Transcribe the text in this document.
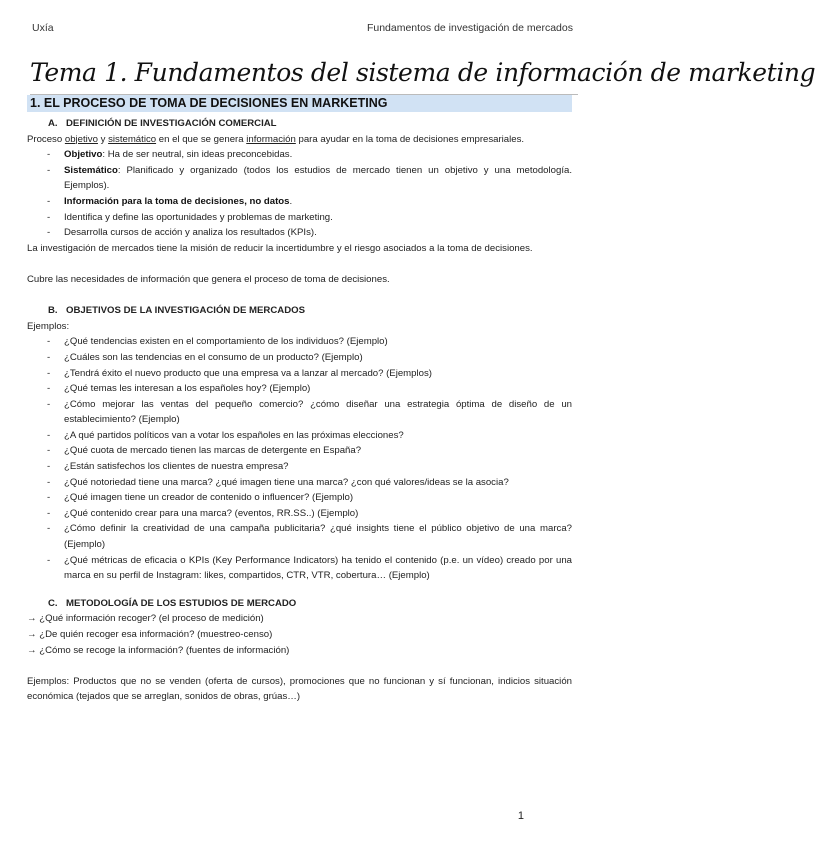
Uxía	Fundamentos de investigación de mercados
Tema 1. Fundamentos del sistema de información de marketing
1. EL PROCESO DE TOMA DE DECISIONES EN MARKETING
A. DEFINICIÓN DE INVESTIGACIÓN COMERCIAL

Proceso objetivo y sistemático en el que se genera información para ayudar en la toma de decisiones empresariales.

- Objetivo: Ha de ser neutral, sin ideas preconcebidas.
- Sistemático: Planificado y organizado (todos los estudios de mercado tienen un objetivo y una metodología. Ejemplos).
- Información para la toma de decisiones, no datos.
- Identifica y define las oportunidades y problemas de marketing.
- Desarrolla cursos de acción y analiza los resultados (KPIs).

La investigación de mercados tiene la misión de reducir la incertidumbre y el riesgo asociados a la toma de decisiones.

Cubre las necesidades de información que genera el proceso de toma de decisiones.

B. OBJETIVOS DE LA INVESTIGACIÓN DE MERCADOS

Ejemplos:

- ¿Qué tendencias existen en el comportamiento de los individuos? (Ejemplo)
- ¿Cuáles son las tendencias en el consumo de un producto? (Ejemplo)
- ¿Tendrá éxito el nuevo producto que una empresa va a lanzar al mercado? (Ejemplos)
- ¿Qué temas les interesan a los españoles hoy? (Ejemplo)
- ¿Cómo mejorar las ventas del pequeño comercio? ¿cómo diseñar una estrategia óptima de diseño de un establecimiento? (Ejemplo)
- ¿A qué partidos políticos van a votar los españoles en las próximas elecciones?
- ¿Qué cuota de mercado tienen las marcas de detergente en España?
- ¿Están satisfechos los clientes de nuestra empresa?
- ¿Qué notoriedad tiene una marca? ¿qué imagen tiene una marca? ¿con qué valores/ideas se la asocia?
- ¿Qué imagen tiene un creador de contenido o influencer? (Ejemplo)
- ¿Qué contenido crear para una marca? (eventos, RR.SS..) (Ejemplo)
- ¿Cómo definir la creatividad de una campaña publicitaria? ¿qué insights tiene el público objetivo de una marca? (Ejemplo)
- ¿Qué métricas de eficacia o KPIs (Key Performance Indicators) ha tenido el contenido (p.e. un vídeo) creado por una marca en su perfil de Instagram: likes, compartidos, CTR, VTR, cobertura… (Ejemplo)
C. METODOLOGÍA DE LOS ESTUDIOS DE MERCADO

→ ¿Qué información recoger? (el proceso de medición)

→ ¿De quién recoger esa información? (muestreo-censo)

→ ¿Cómo se recoge la información? (fuentes de información)

Ejemplos: Productos que no se venden (oferta de cursos), promociones que no funcionan y sí funcionan, indicios situación económica (tejados que se arreglan, sonidos de obras, grúas…)

1
